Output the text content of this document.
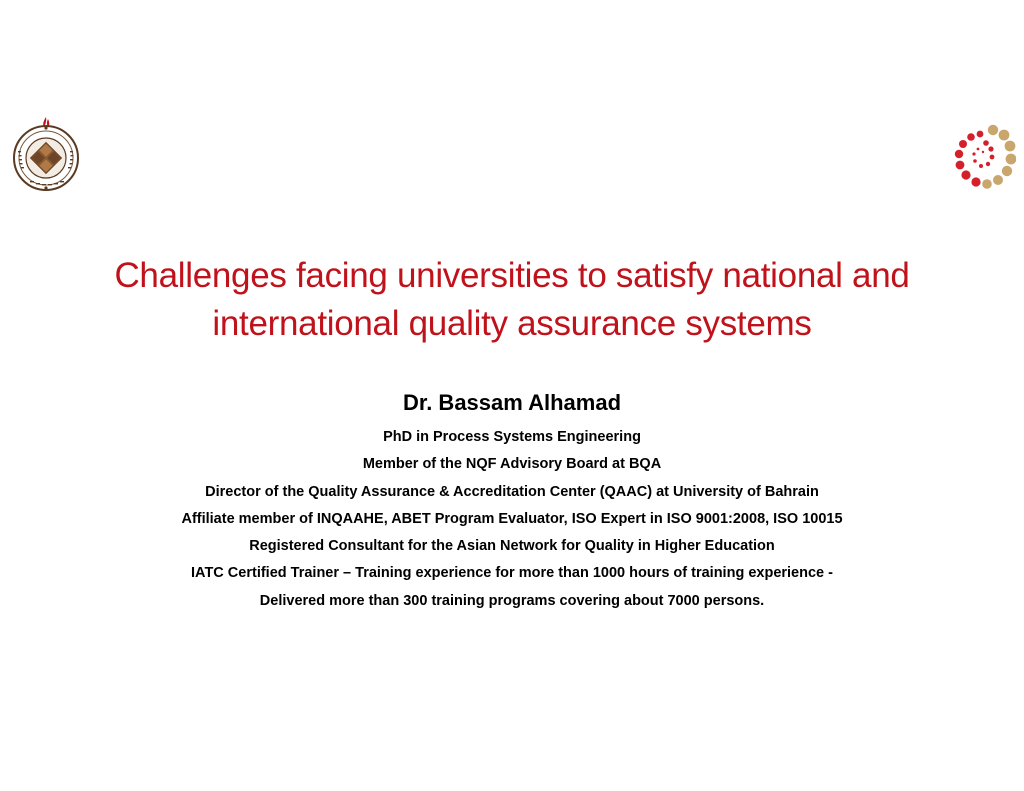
Challenges facing universities to satisfy national and
international quality assurance systems
Dr. Bassam Alhamad
PhD in Process Systems Engineering
Member of the NQF Advisory Board at BQA
Director of the Quality Assurance & Accreditation Center (QAAC) at University of Bahrain
Affiliate member of INQAAHE, ABET Program Evaluator, ISO Expert in ISO 9001:2008, ISO 10015
Registered Consultant for the Asian Network for Quality in Higher Education
IATC Certified Trainer – Training experience for more than 1000 hours of training experience -
Delivered more than 300 training programs covering about 7000 persons.
